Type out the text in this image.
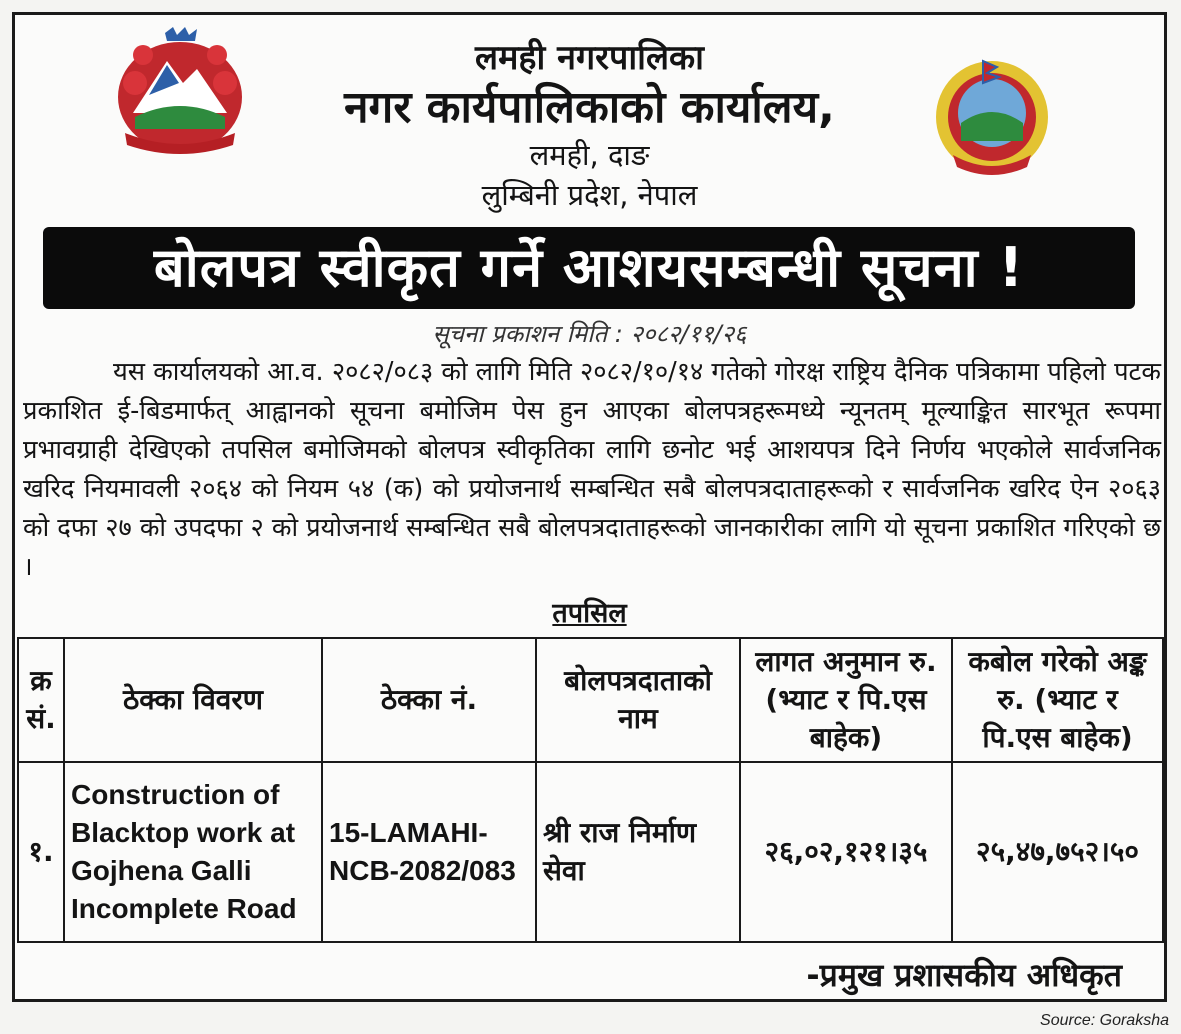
लमही नगरपालिका
नगर कार्यपालिकाको कार्यालय,
लमही, दाङ
लुम्बिनी प्रदेश, नेपाल
बोलपत्र स्वीकृत गर्ने आशयसम्बन्धी सूचना !
सूचना प्रकाशन मिति : २०८२/११/२६
यस कार्यालयको आ.व. २०८२/०८३ को लागि मिति २०८२/१०/१४ गतेको गोरक्ष राष्ट्रिय दैनिक पत्रिकामा पहिलो पटक प्रकाशित ई-बिडमार्फत् आह्वानको सूचना बमोजिम पेस हुन आएका बोलपत्रहरूमध्ये न्यूनतम् मूल्याङ्कित सारभूत रूपमा प्रभावग्राही देखिएको तपसिल बमोजिमको बोलपत्र स्वीकृतिका लागि छनोट भई आशयपत्र दिने निर्णय भएकोले सार्वजनिक खरिद नियमावली २०६४ को नियम ५४ (क) को प्रयोजनार्थ सम्बन्धित सबै बोलपत्रदाताहरूको र सार्वजनिक खरिद ऐन २०६३ को दफा २७ को उपदफा २ को प्रयोजनार्थ सम्बन्धित सबै बोलपत्रदाताहरूको जानकारीका लागि यो सूचना प्रकाशित गरिएको छ ।
तपसिल
क्र सं.	ठेक्का विवरण	ठेक्का नं.	बोलपत्रदाताको नाम	लागत अनुमान रु. (भ्याट र पि.एस बाहेक)	कबोल गरेको अङ्क रु. (भ्याट र पि.एस बाहेक)
१.	Construction of Blacktop work at Gojhena Galli Incomplete Road	15-LAMAHI-NCB-2082/083	श्री राज निर्माण सेवा	२६,०२,१२१।३५	२५,४७,७५२।५०
-प्रमुख प्रशासकीय अधिकृत
Source: Goraksha
